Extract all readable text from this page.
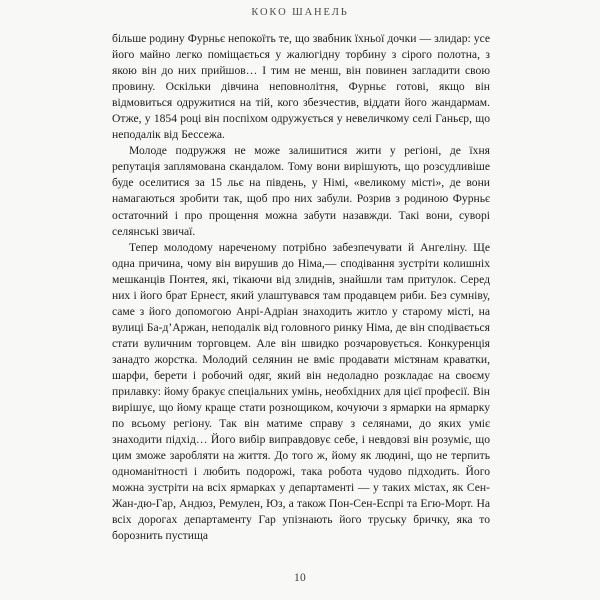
КОКО ШАНЕЛЬ

більше родину Фурньє непокоїть те, що звабник їхньої дочки — злидар: усе його майно легко поміщається у жалюгідну торбину з сірого полотна, з якою він до них прийшов… І тим не менш, він повинен загладити свою провину. Оскільки дівчина неповнолітня, Фурньє готові, якщо він відмовиться одружитися на тій, кого збезчестив, віддати його жандармам. Отже, у 1854 році він поспіхом одружується у невеличкому селі Ганьєр, що неподалік від Бессежа.

Молоде подружжя не може залишитися жити у регіоні, де їхня репутація заплямована скандалом. Тому вони вирішують, що розсудливіше буде оселитися за 15 льє на південь, у Німі, «великому місті», де вони намагаються зробити так, щоб про них забули. Розрив з родиною Фурньє остаточний і про прощення можна забути назавжди. Такі вони, суворі селянські звичаї.

Тепер молодому нареченому потрібно забезпечувати й Ангеліну. Ще одна причина, чому він вирушив до Німа,— сподівання зустріти колишніх мешканців Понтея, які, тікаючи від злиднів, знайшли там притулок. Серед них і його брат Ернест, який улаштувався там продавцем риби. Без сумніву, саме з його допомогою Анрі-Адріан знаходить житло у старому місті, на вулиці Ба-д’Аржан, неподалік від головного ринку Німа, де він сподівається стати вуличним торговцем. Але він швидко розчаровується. Конкуренція занадто жорстка. Молодий селянин не вміє продавати містянам краватки, шарфи, берети і робочий одяг, який він недоладно розкладає на своєму прилавку: йому бракує спеціальних умінь, необхідних для цієї професії. Він вирішує, що йому краще стати рознощиком, кочуючи з ярмарки на ярмарку по всьому регіону. Так він матиме справу з селянами, до яких уміє знаходити підхід… Його вибір виправдовує себе, і невдовзі він розуміє, що цим зможе заробляти на життя. До того ж, йому як людині, що не терпить одноманітності і любить подорожі, така робота чудово підходить. Його можна зустріти на всіх ярмарках у департаменті — у таких містах, як Сен-Жан-дю-Гар, Андюз, Ремулен, Юз, а також Пон-Сен-Еспрі та Егю-Морт. На всіх дорогах департаменту Гар упізнають його труську бричку, яка то борознить пустища

10
